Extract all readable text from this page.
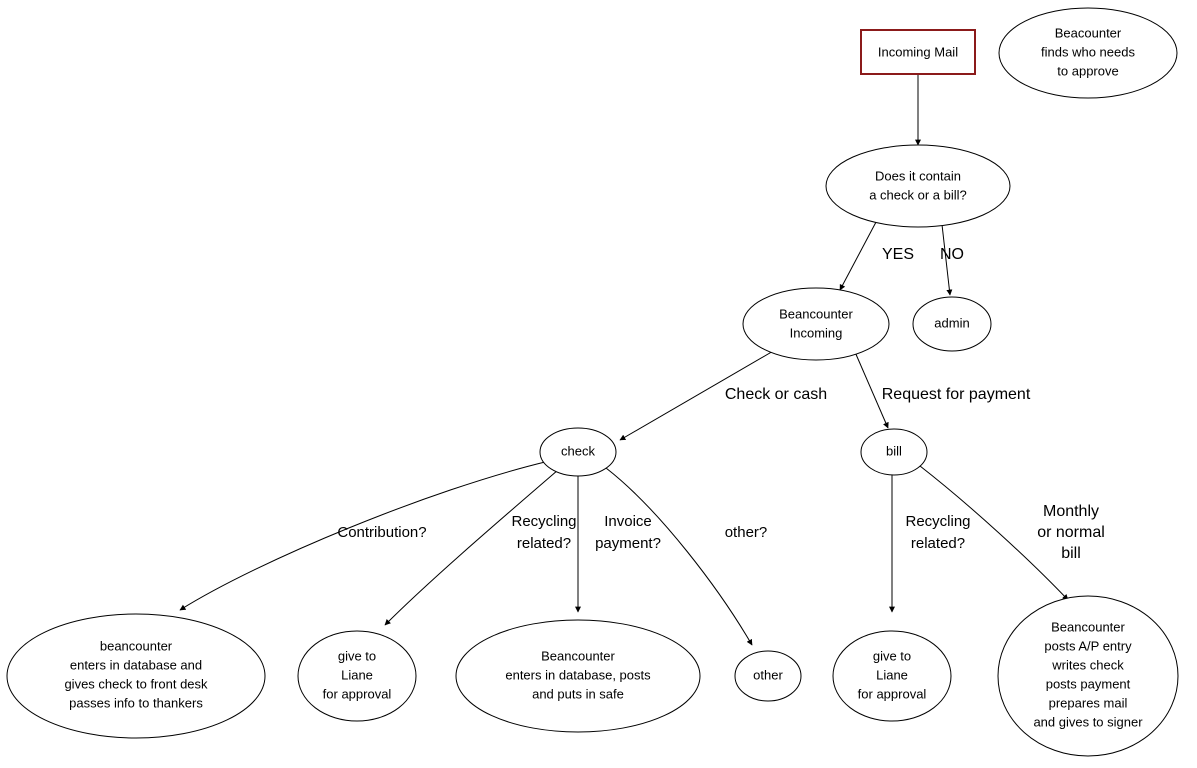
YES NO
Check or cash	Request for payment
Contribution?
Recycling
related?
Invoice
payment?
other?
Recycling
related?
Monthly
or normal
bill
Incoming Mail
Beacounter
finds who needs
to approve
Does it contain
a check or a bill?
admin
Beancounter
Incoming
check	bill
beancounter
enters in database and
gives check to front desk
passes info to thankers
give to
Liane
for approval
Beancounter
enters in database, posts
and puts in safe
other
give to
Liane
for approval
Beancounter
posts A/P entry
writes check
posts payment
prepares mail
and gives to signer
